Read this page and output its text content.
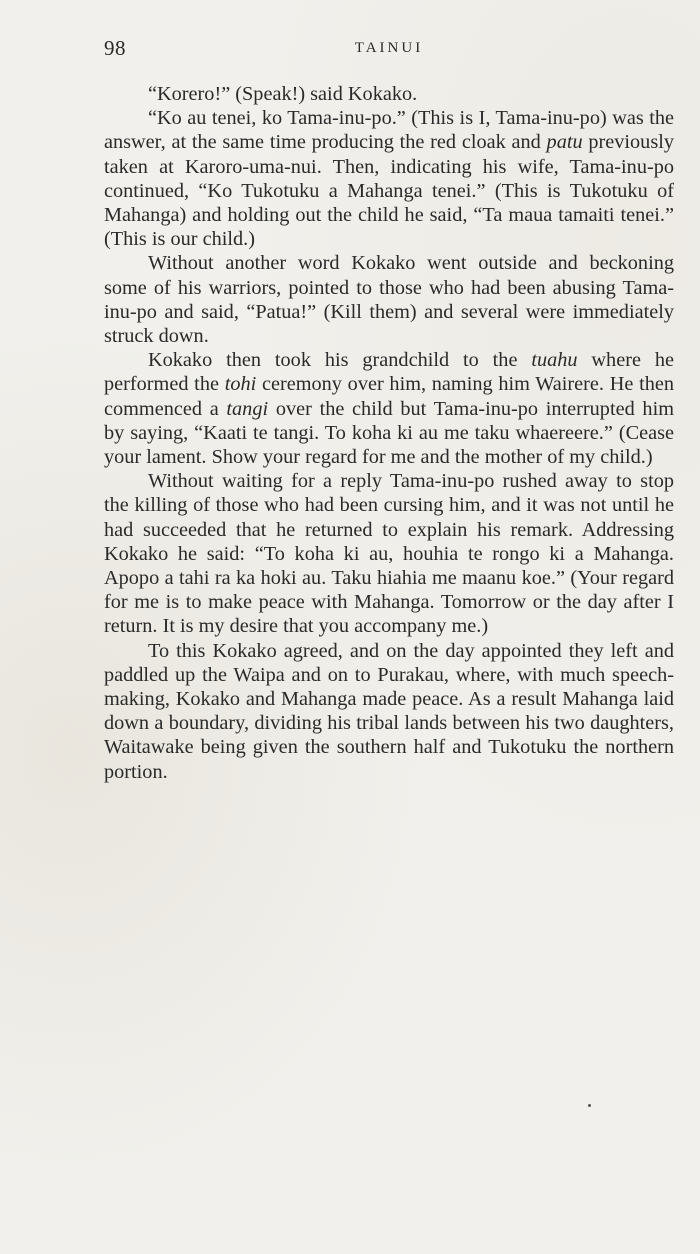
98	TAINUI

“Korero!” (Speak!) said Kokako.

“Ko au tenei, ko Tama-inu-po.” (This is I, Tama-inu-po) was the answer, at the same time producing the red cloak and patu previously taken at Karoro-uma-nui. Then, indicating his wife, Tama-inu-po continued, “Ko Tukotuku a Mahanga tenei.” (This is Tukotuku of Mahanga) and holding out the child he said, “Ta maua tamaiti tenei.” (This is our child.)

Without another word Kokako went outside and beckoning some of his warriors, pointed to those who had been abusing Tama-inu-po and said, “Patua!” (Kill them) and several were immediately struck down.

Kokako then took his grandchild to the tuahu where he performed the tohi ceremony over him, naming him Wairere. He then commenced a tangi over the child but Tama-inu-po interrupted him by saying, “Kaati te tangi. To koha ki au me taku whaereere.” (Cease your lament. Show your regard for me and the mother of my child.)

Without waiting for a reply Tama-inu-po rushed away to stop the killing of those who had been cursing him, and it was not until he had succeeded that he returned to explain his remark. Addressing Kokako he said: “To koha ki au, houhia te rongo ki a Mahanga. Apopo a tahi ra ka hoki au. Taku hiahia me maanu koe.” (Your regard for me is to make peace with Mahanga. Tomorrow or the day after I return. It is my desire that you accompany me.)

To this Kokako agreed, and on the day appointed they left and paddled up the Waipa and on to Purakau, where, with much speech-making, Kokako and Mahanga made peace. As a result Mahanga laid down a boundary, dividing his tribal lands between his two daughters, Waitawake being given the southern half and Tukotuku the northern portion.
